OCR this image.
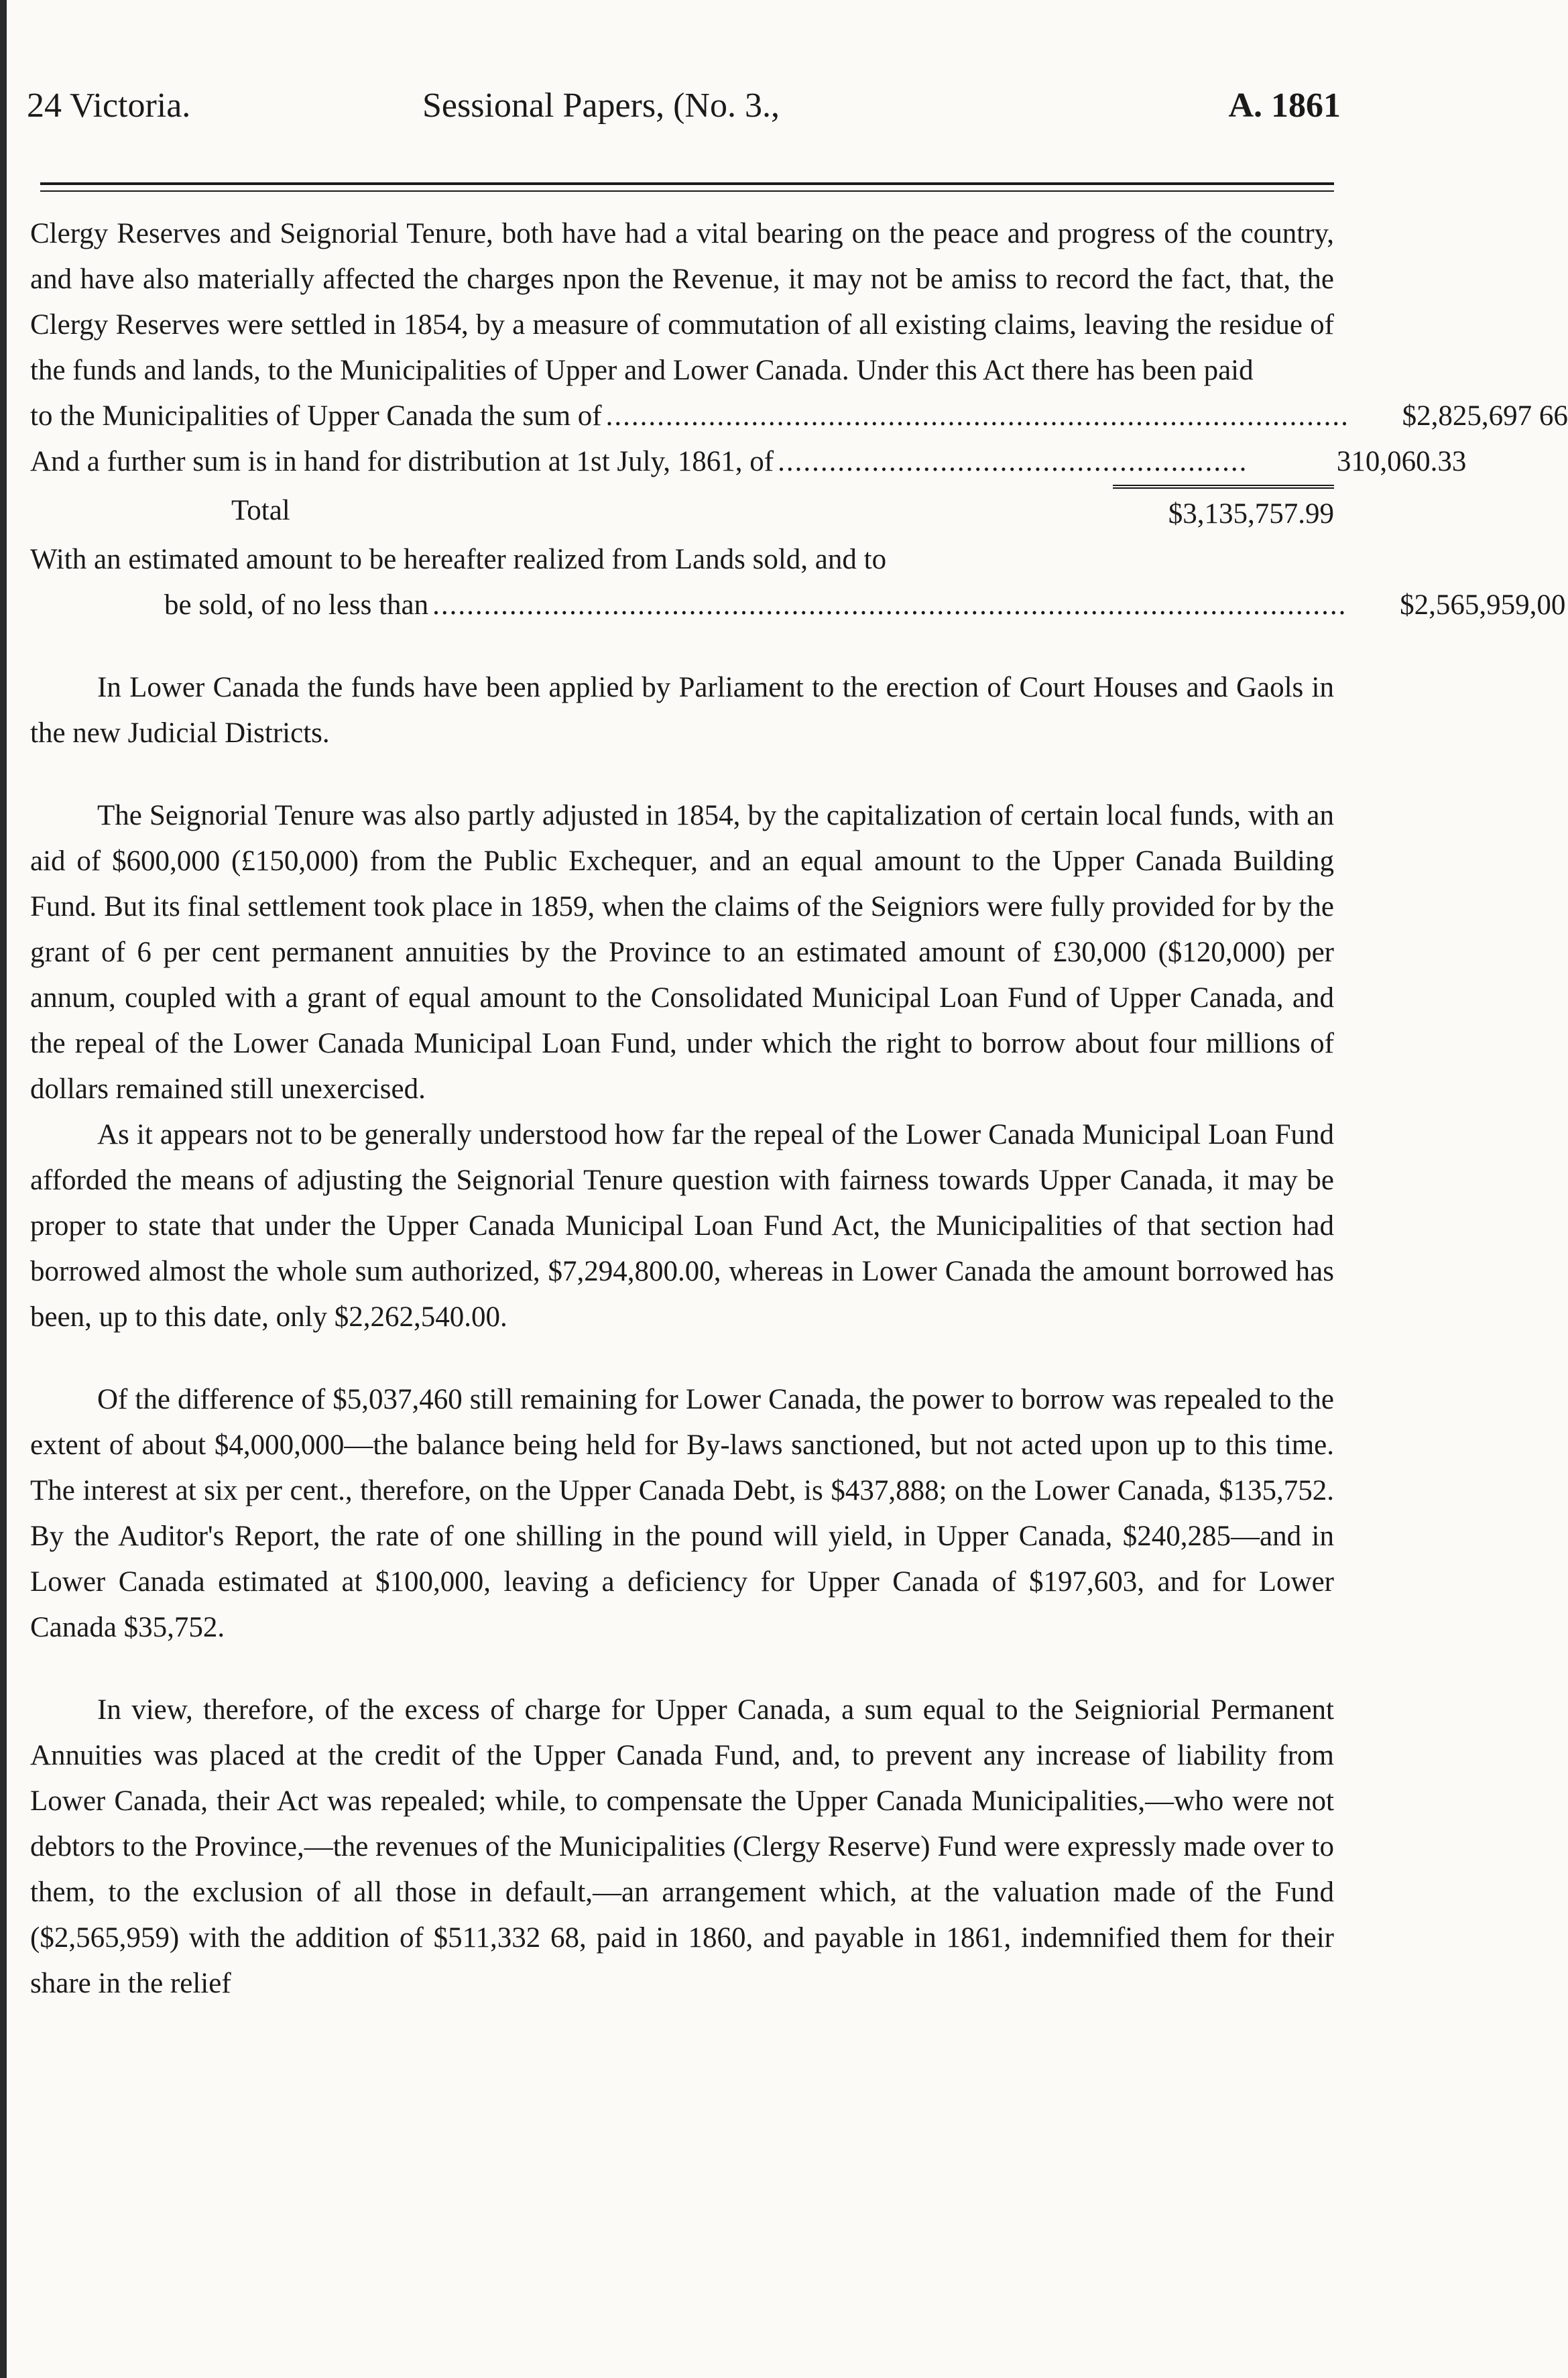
24 Victoria.	Sessional Papers, (No. 3.,	A. 1861

Clergy Reserves and Seignorial Tenure, both have had a vital bearing on the peace and progress of the country, and have also materially affected the charges npon the Revenue, it may not be amiss to record the fact, that, the Clergy Reserves were settled in 1854, by a measure of commutation of all existing claims, leaving the residue of the funds and lands, to the Municipalities of Upper and Lower Canada. Under this Act there has been paid

to the Municipalities of Upper Canada the sum of .......................................................................................	$2,825,697 66
And a further sum is in hand for distribution at 1st July, 1861, of .......................................................	310,060.33
Total	$3,135,757.99
With an estimated amount to be hereafter realized from Lands sold, and to
be sold, of no less than ...........................................................................................................	$2,565,959,00

In Lower Canada the funds have been applied by Parliament to the erection of Court Houses and Gaols in the new Judicial Districts.

The Seignorial Tenure was also partly adjusted in 1854, by the capitalization of certain local funds, with an aid of $600,000 (£150,000) from the Public Exchequer, and an equal amount to the Upper Canada Building Fund. But its final settlement took place in 1859, when the claims of the Seigniors were fully provided for by the grant of 6 per cent permanent annuities by the Province to an estimated amount of £30,000 ($120,000) per annum, coupled with a grant of equal amount to the Consolidated Municipal Loan Fund of Upper Canada, and the repeal of the Lower Canada Municipal Loan Fund, under which the right to borrow about four millions of dollars remained still unexercised.

As it appears not to be generally understood how far the repeal of the Lower Canada Municipal Loan Fund afforded the means of adjusting the Seignorial Tenure question with fairness towards Upper Canada, it may be proper to state that under the Upper Canada Municipal Loan Fund Act, the Municipalities of that section had borrowed almost the whole sum authorized, $7,294,800.00, whereas in Lower Canada the amount borrowed has been, up to this date, only $2,262,540.00.

Of the difference of $5,037,460 still remaining for Lower Canada, the power to borrow was repealed to the extent of about $4,000,000—the balance being held for By-laws sanctioned, but not acted upon up to this time. The interest at six per cent., therefore, on the Upper Canada Debt, is $437,888; on the Lower Canada, $135,752. By the Auditor's Report, the rate of one shilling in the pound will yield, in Upper Canada, $240,285—and in Lower Canada estimated at $100,000, leaving a deficiency for Upper Canada of $197,603, and for Lower Canada $35,752.

In view, therefore, of the excess of charge for Upper Canada, a sum equal to the Seigniorial Permanent Annuities was placed at the credit of the Upper Canada Fund, and, to prevent any increase of liability from Lower Canada, their Act was repealed; while, to compensate the Upper Canada Municipalities,—who were not debtors to the Province,—the revenues of the Municipalities (Clergy Reserve) Fund were expressly made over to them, to the exclusion of all those in default,—an arrangement which, at the valuation made of the Fund ($2,565,959) with the addition of $511,332 68, paid in 1860, and payable in 1861, indemnified them for their share in the relief
